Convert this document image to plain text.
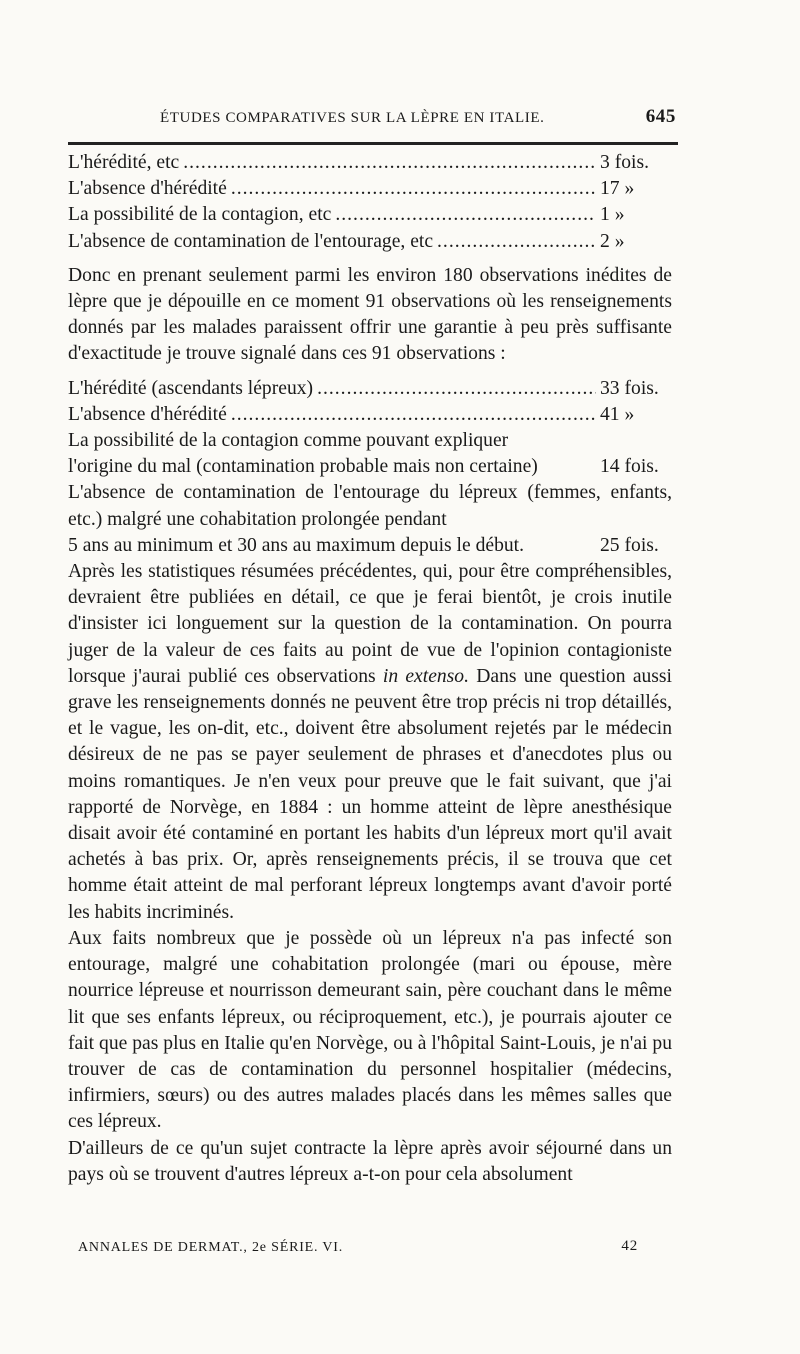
ÉTUDES COMPARATIVES SUR LA LÈPRE EN ITALIE.	645
L'hérédité, etc .....	3 fois.
L'absence d'hérédité .....	17 »
La possibilité de la contagion, etc .....	1 »
L'absence de contamination de l'entourage, etc .....	2 »

Donc en prenant seulement parmi les environ 180 observations inédites de lèpre que je dépouille en ce moment 91 observations où les renseignements donnés par les malades paraissent offrir une garantie à peu près suffisante d'exactitude je trouve signalé dans ces 91 observations :

L'hérédité (ascendants lépreux) .....	33 fois.
L'absence d'hérédité .....	41 »
La possibilité de la contagion comme pouvant expliquer
l'origine du mal (contamination probable mais non certaine)	14 fois.
L'absence de contamination de l'entourage du lépreux (femmes, enfants, etc.) malgré une cohabitation prolongée pendant
5 ans au minimum et 30 ans au maximum depuis le début.	25 fois.

Après les statistiques résumées précédentes, qui, pour être compréhensibles, devraient être publiées en détail, ce que je ferai bientôt, je crois inutile d'insister ici longuement sur la question de la contamination. On pourra juger de la valeur de ces faits au point de vue de l'opinion contagioniste lorsque j'aurai publié ces observations in extenso. Dans une question aussi grave les renseignements donnés ne peuvent être trop précis ni trop détaillés, et le vague, les on-dit, etc., doivent être absolument rejetés par le médecin désireux de ne pas se payer seulement de phrases et d'anecdotes plus ou moins romantiques. Je n'en veux pour preuve que le fait suivant, que j'ai rapporté de Norvège, en 1884 : un homme atteint de lèpre anesthésique disait avoir été contaminé en portant les habits d'un lépreux mort qu'il avait achetés à bas prix. Or, après renseignements précis, il se trouva que cet homme était atteint de mal perforant lépreux longtemps avant d'avoir porté les habits incriminés.

Aux faits nombreux que je possède où un lépreux n'a pas infecté son entourage, malgré une cohabitation prolongée (mari ou épouse, mère nourrice lépreuse et nourrisson demeurant sain, père couchant dans le même lit que ses enfants lépreux, ou réciproquement, etc.), je pourrais ajouter ce fait que pas plus en Italie qu'en Norvège, ou à l'hôpital Saint-Louis, je n'ai pu trouver de cas de contamination du personnel hospitalier (médecins, infirmiers, sœurs) ou des autres malades placés dans les mêmes salles que ces lépreux.

D'ailleurs de ce qu'un sujet contracte la lèpre après avoir séjourné dans un pays où se trouvent d'autres lépreux a-t-on pour cela absolument

ANNALES DE DERMAT., 2e SÉRIE. VI.	42
